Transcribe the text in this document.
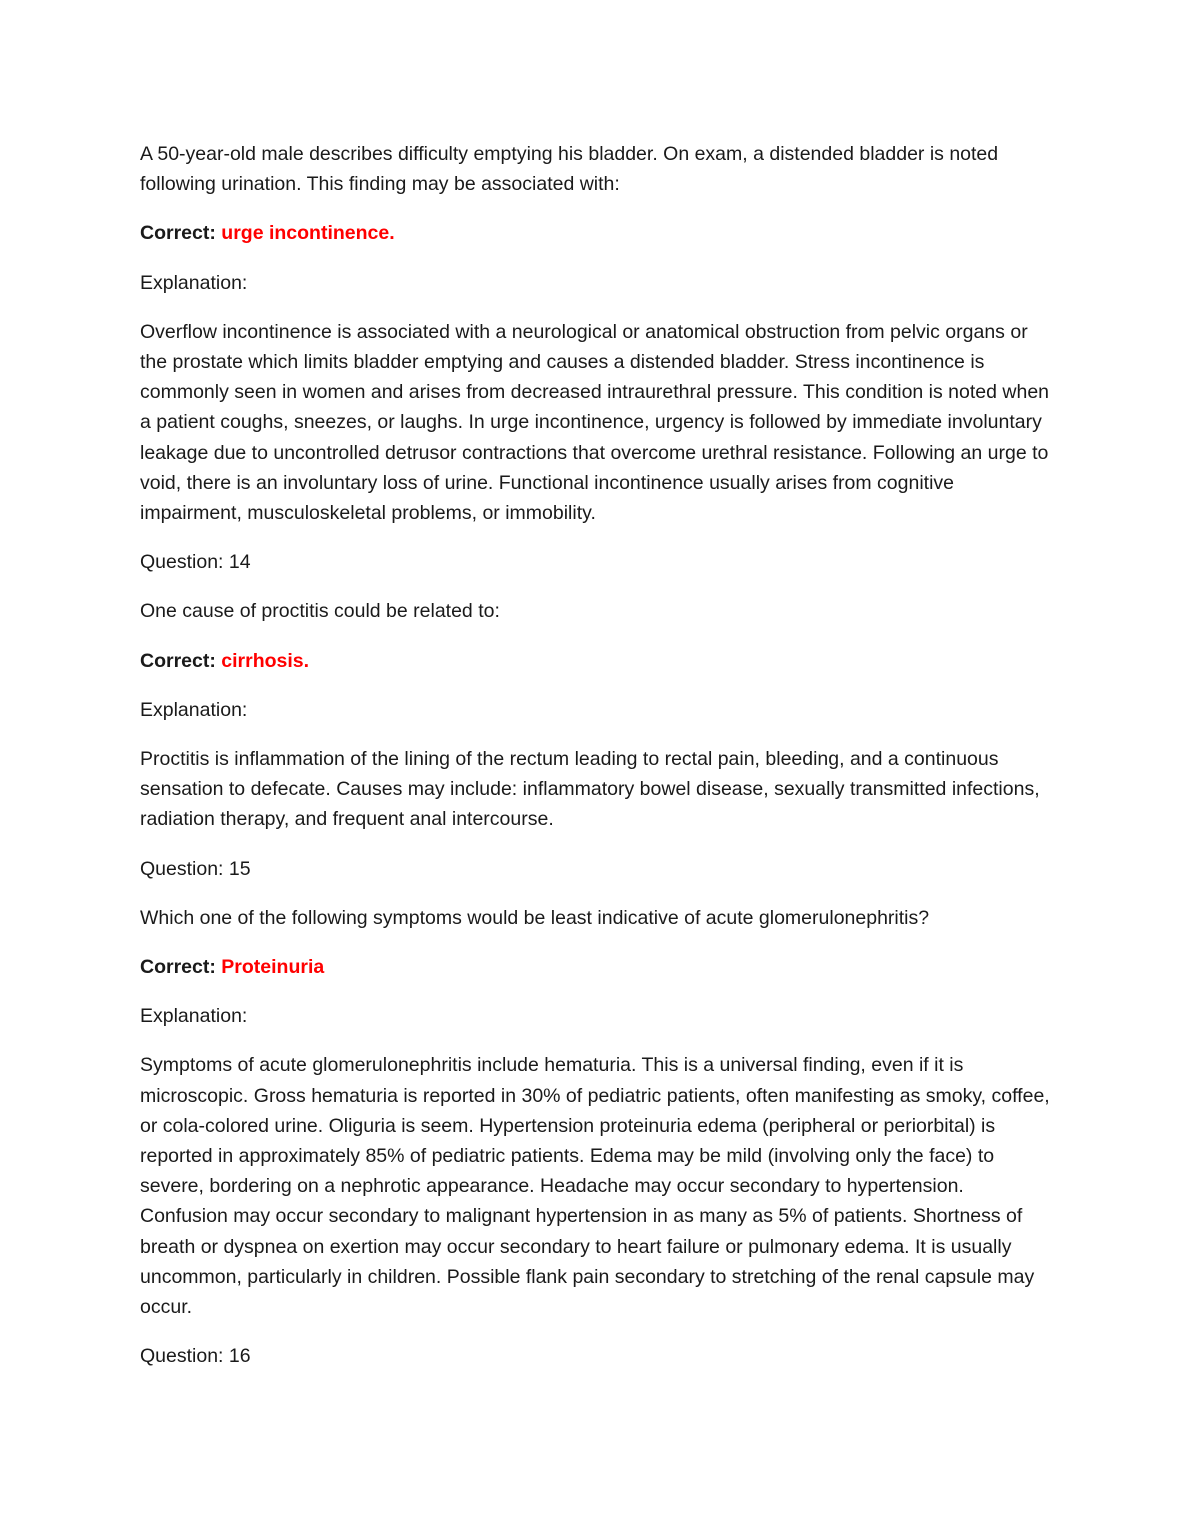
A 50-year-old male describes difficulty emptying his bladder. On exam, a distended bladder is noted following urination. This finding may be associated with:

Correct: urge incontinence.

Explanation:

Overflow incontinence is associated with a neurological or anatomical obstruction from pelvic organs or the prostate which limits bladder emptying and causes a distended bladder. Stress incontinence is commonly seen in women and arises from decreased intraurethral pressure. This condition is noted when a patient coughs, sneezes, or laughs. In urge incontinence, urgency is followed by immediate involuntary leakage due to uncontrolled detrusor contractions that overcome urethral resistance. Following an urge to void, there is an involuntary loss of urine. Functional incontinence usually arises from cognitive impairment, musculoskeletal problems, or immobility.

Question: 14

One cause of proctitis could be related to:

Correct: cirrhosis.

Explanation:

Proctitis is inflammation of the lining of the rectum leading to rectal pain, bleeding, and a continuous sensation to defecate. Causes may include: inflammatory bowel disease, sexually transmitted infections, radiation therapy, and frequent anal intercourse.

Question: 15

Which one of the following symptoms would be least indicative of acute glomerulonephritis?

Correct: Proteinuria

Explanation:

Symptoms of acute glomerulonephritis include hematuria. This is a universal finding, even if it is microscopic. Gross hematuria is reported in 30% of pediatric patients, often manifesting as smoky, coffee, or cola-colored urine. Oliguria is seem. Hypertension proteinuria edema (peripheral or periorbital) is reported in approximately 85% of pediatric patients. Edema may be mild (involving only the face) to severe, bordering on a nephrotic appearance. Headache may occur secondary to hypertension. Confusion may occur secondary to malignant hypertension in as many as 5% of patients. Shortness of breath or dyspnea on exertion may occur secondary to heart failure or pulmonary edema. It is usually uncommon, particularly in children. Possible flank pain secondary to stretching of the renal capsule may occur.

Question: 16
